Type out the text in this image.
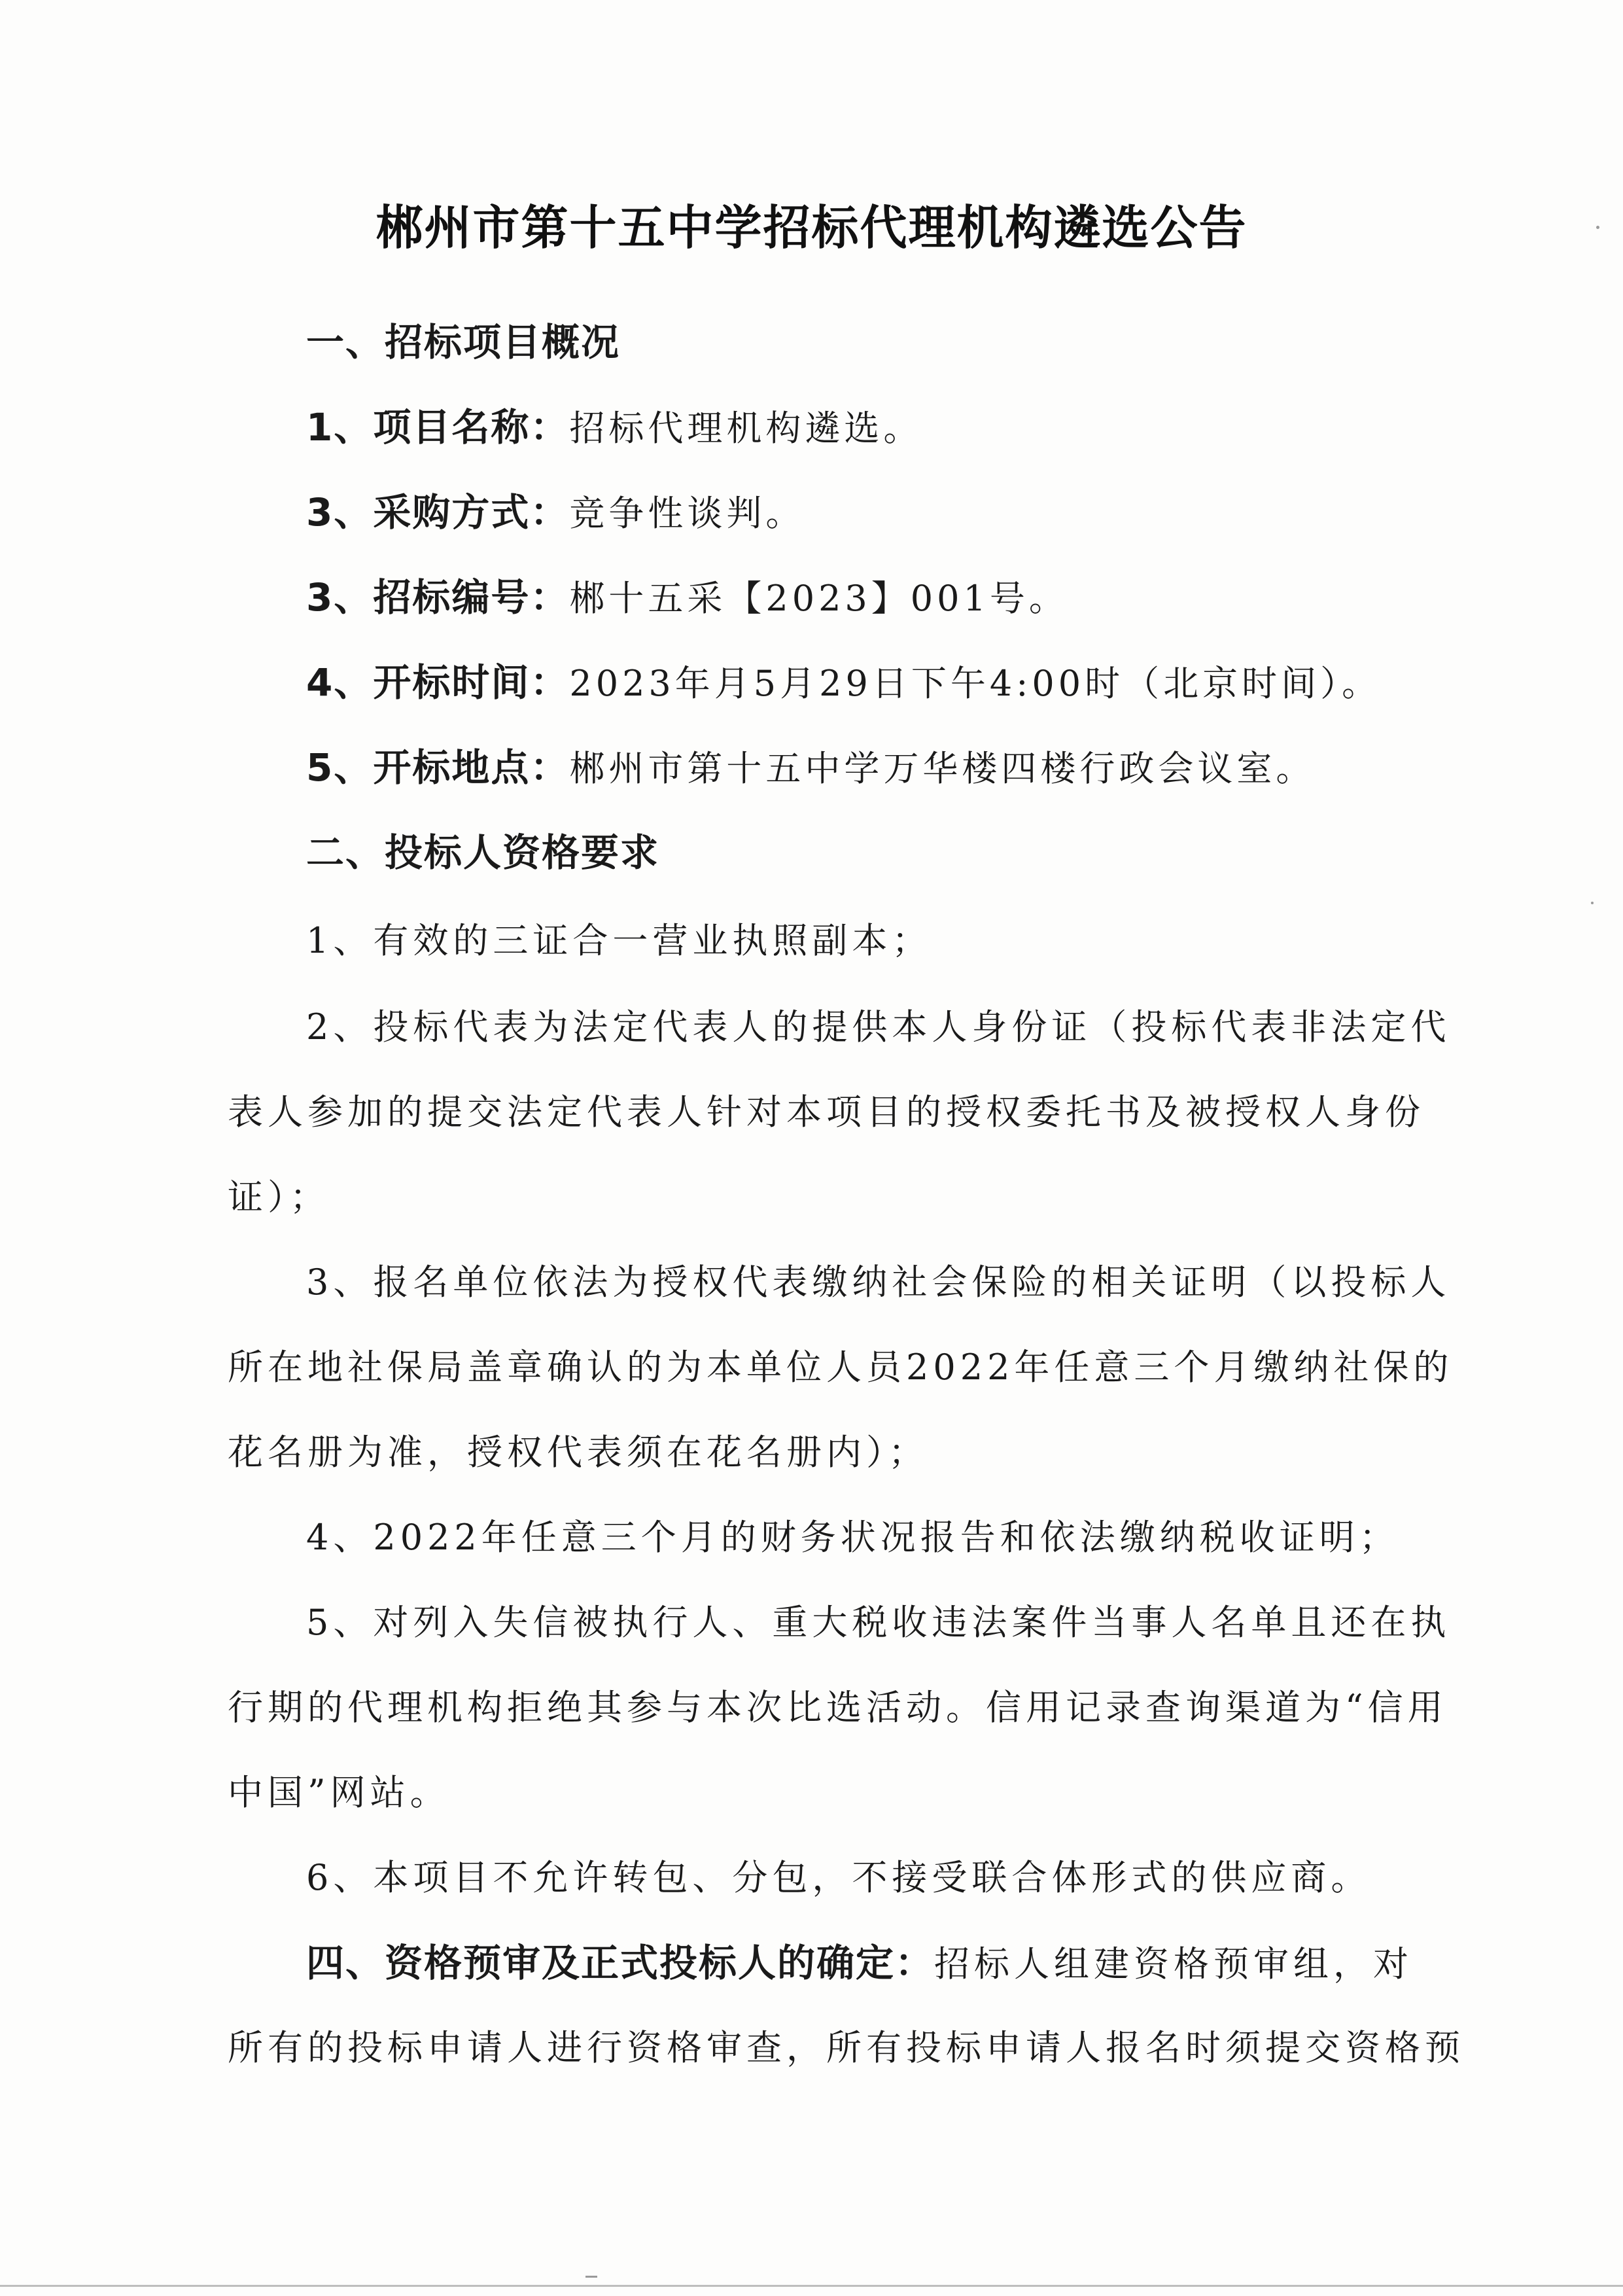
郴州市第十五中学招标代理机构遴选公告
一、招标项目概况
1、项目名称：招标代理机构遴选。
3、采购方式：竞争性谈判。
3、招标编号：郴十五采【2023】001号。
4、开标时间：2023年月5月29日下午4:00时（北京时间）。
5、开标地点：郴州市第十五中学万华楼四楼行政会议室。
二、投标人资格要求
1、有效的三证合一营业执照副本；
2、投标代表为法定代表人的提供本人身份证（投标代表非法定代
表人参加的提交法定代表人针对本项目的授权委托书及被授权人身份
证）；
3、报名单位依法为授权代表缴纳社会保险的相关证明（以投标人
所在地社保局盖章确认的为本单位人员2022年任意三个月缴纳社保的
花名册为准，授权代表须在花名册内）；
4、2022年任意三个月的财务状况报告和依法缴纳税收证明；
5、对列入失信被执行人、重大税收违法案件当事人名单且还在执
行期的代理机构拒绝其参与本次比选活动。信用记录查询渠道为“信用
中国”网站。
6、本项目不允许转包、分包，不接受联合体形式的供应商。
四、资格预审及正式投标人的确定：招标人组建资格预审组，对
所有的投标申请人进行资格审查，所有投标申请人报名时须提交资格预
